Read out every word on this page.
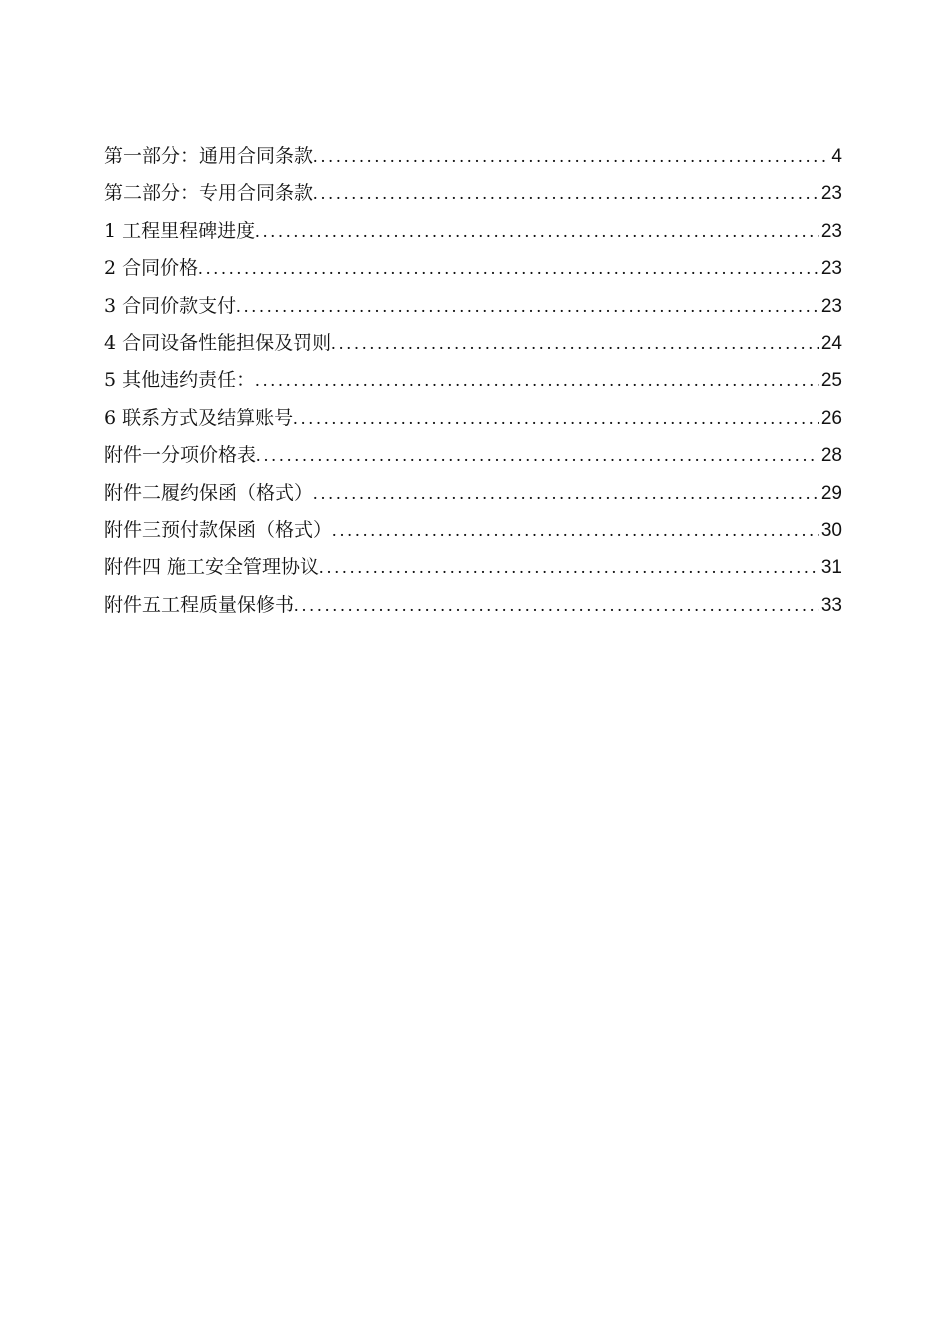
第一部分：通用合同条款 .....	4
第二部分：专用合同条款 .....	23
1 工程里程碑进度 .....	23
2 合同价格 .....	23
3 合同价款支付 .....	23
4 合同设备性能担保及罚则 .....	24
5 其他违约责任： .....	25
6 联系方式及结算账号 .....	26
附件一分项价格表 .....	28
附件二履约保函（格式） .....	29
附件三预付款保函（格式） .....	30
附件四 施工安全管理协议 .....	31
附件五工程质量保修书 .....	33
